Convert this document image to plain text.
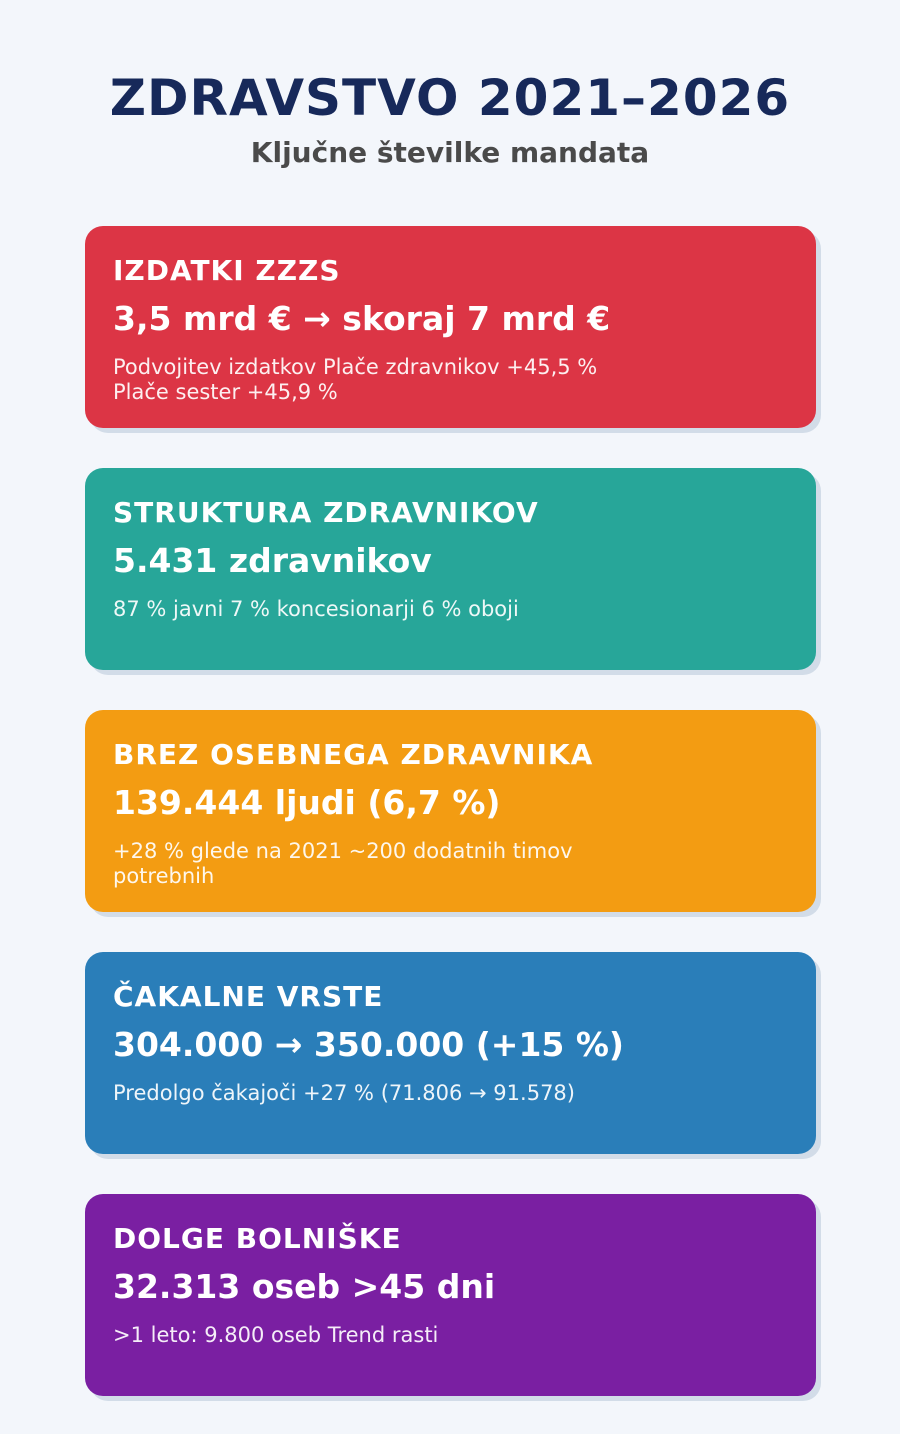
ZDRAVSTVO 2021–2026
Ključne številke mandata
IZDATKI ZZZS
3,5 mrd € → skoraj 7 mrd €
Podvojitev izdatkov Plače zdravnikov +45,5 % Plače sester +45,9 %
STRUKTURA ZDRAVNIKOV
5.431 zdravnikov
87 % javni 7 % koncesionarji 6 % oboji
BREZ OSEBNEGA ZDRAVNIKA
139.444 ljudi (6,7 %)
+28 % glede na 2021 ~200 dodatnih timov potrebnih
ČAKALNE VRSTE
304.000 → 350.000 (+15 %)
Predolgo čakajoči +27 % (71.806 → 91.578)
DOLGE BOLNIŠKE
32.313 oseb >45 dni
>1 leto: 9.800 oseb Trend rasti
